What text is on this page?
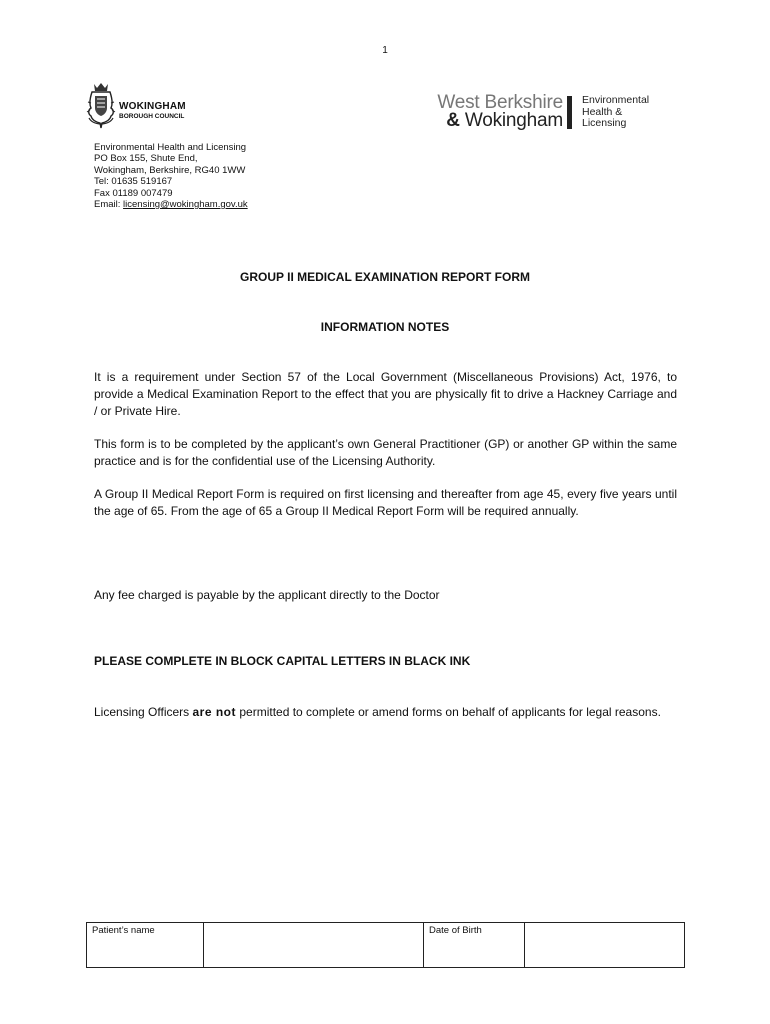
1
WOKINGHAM
BOROUGH COUNCIL
West Berkshire
& Wokingham
Environmental
Health &
Licensing
Environmental Health and Licensing
PO Box 155, Shute End,
Wokingham, Berkshire, RG40 1WW
Tel: 01635 519167
Fax 01189 007479
Email: licensing@wokingham.gov.uk
GROUP II MEDICAL EXAMINATION REPORT FORM
INFORMATION NOTES
It is a requirement under Section 57 of the Local Government (Miscellaneous Provisions) Act, 1976, to provide a Medical Examination Report to the effect that you are physically fit to drive a Hackney Carriage and / or Private Hire.
This form is to be completed by the applicant’s own General Practitioner (GP) or another GP within the same practice and is for the confidential use of the Licensing Authority.
A Group II Medical Report Form is required on first licensing and thereafter from age 45, every five years until the age of 65. From the age of 65 a Group II Medical Report Form will be required annually.
Any fee charged is payable by the applicant directly to the Doctor
PLEASE COMPLETE IN BLOCK CAPITAL LETTERS IN BLACK INK
Licensing Officers are not permitted to complete or amend forms on behalf of applicants for legal reasons.
Patient’s name		Date of Birth	
